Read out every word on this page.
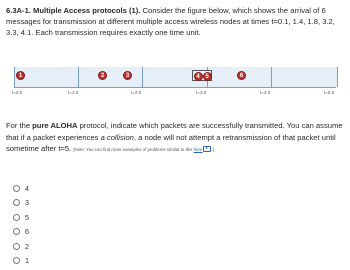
6.3A-1. Multiple Access protocols (1). Consider the figure below, which shows the arrival of 6 messages for transmission at different multiple access wireless nodes at times t=0.1, 1.4, 1.8, 3.2, 3.3, 4.1. Each transmission requires exactly one time unit.
1	2	3	4 5	6
t=0.0	t=1.0	t=2.0	t=3.0	t=4.0	t=5.0
For the pure ALOHA protocol, indicate which packets are successfully transmitted. You can assume that if a packet experiences a collision, a node will not attempt a retransmission of that packet until sometime after t=5. [Note: You can find more examples of problems similar to this here .]
4
3
5
6
2
1
